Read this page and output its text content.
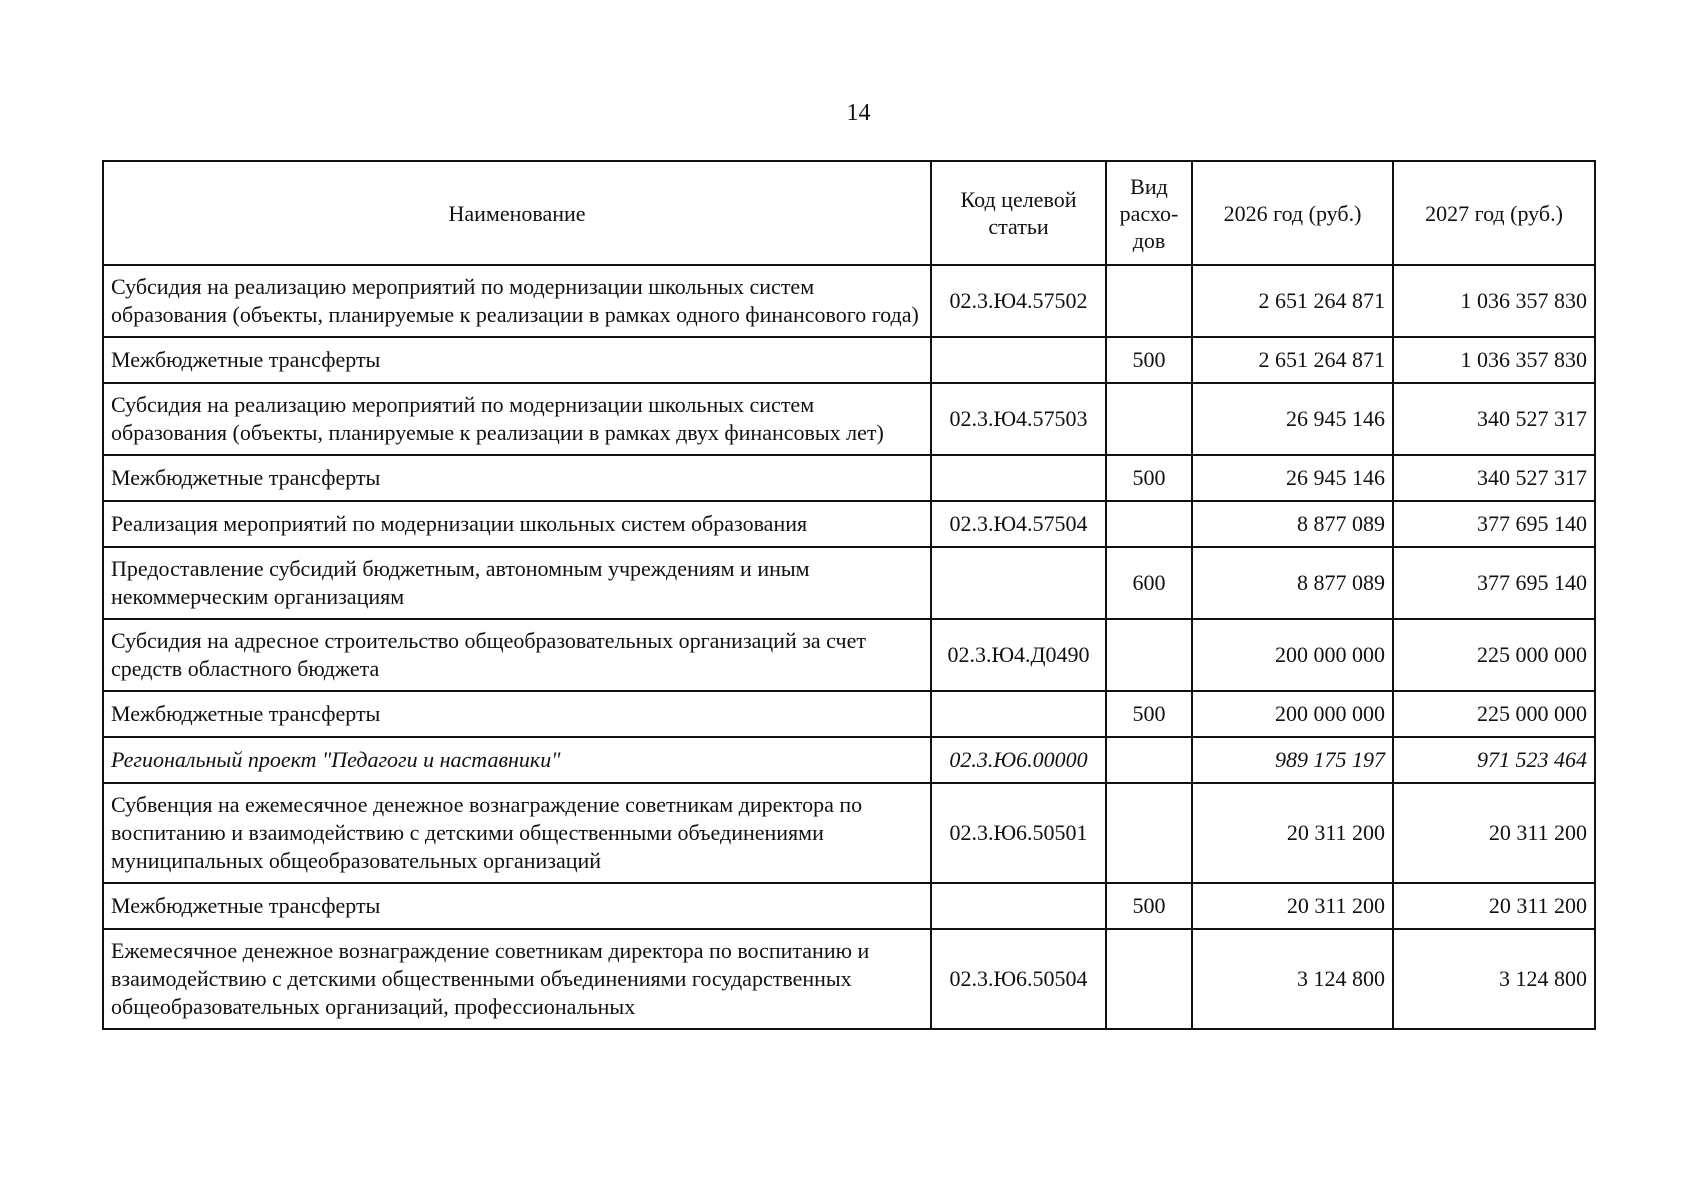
14
Наименование	Код целевой статьи	Вид расхо-дов	2026 год (руб.)	2027 год (руб.)
Субсидия на реализацию мероприятий по модернизации школьных систем образования (объекты, планируемые к реализации в рамках одного финансового года)	02.3.Ю4.57502		2 651 264 871	1 036 357 830
Межбюджетные трансферты		500	2 651 264 871	1 036 357 830
Субсидия на реализацию мероприятий по модернизации школьных систем образования (объекты, планируемые к реализации в рамках двух финансовых лет)	02.3.Ю4.57503		26 945 146	340 527 317
Межбюджетные трансферты		500	26 945 146	340 527 317
Реализация мероприятий по модернизации школьных систем образования	02.3.Ю4.57504		8 877 089	377 695 140
Предоставление субсидий бюджетным, автономным учреждениям и иным некоммерческим организациям		600	8 877 089	377 695 140
Субсидия на адресное строительство общеобразовательных организаций за счет средств областного бюджета	02.3.Ю4.Д0490		200 000 000	225 000 000
Межбюджетные трансферты		500	200 000 000	225 000 000
Региональный проект "Педагоги и наставники"	02.3.Ю6.00000		989 175 197	971 523 464
Субвенция на ежемесячное денежное вознаграждение советникам директора по воспитанию и взаимодействию с детскими общественными объединениями муниципальных общеобразовательных организаций	02.3.Ю6.50501		20 311 200	20 311 200
Межбюджетные трансферты		500	20 311 200	20 311 200
Ежемесячное денежное вознаграждение советникам директора по воспитанию и взаимодействию с детскими общественными объединениями государственных общеобразовательных организаций, профессиональных	02.3.Ю6.50504		3 124 800	3 124 800
